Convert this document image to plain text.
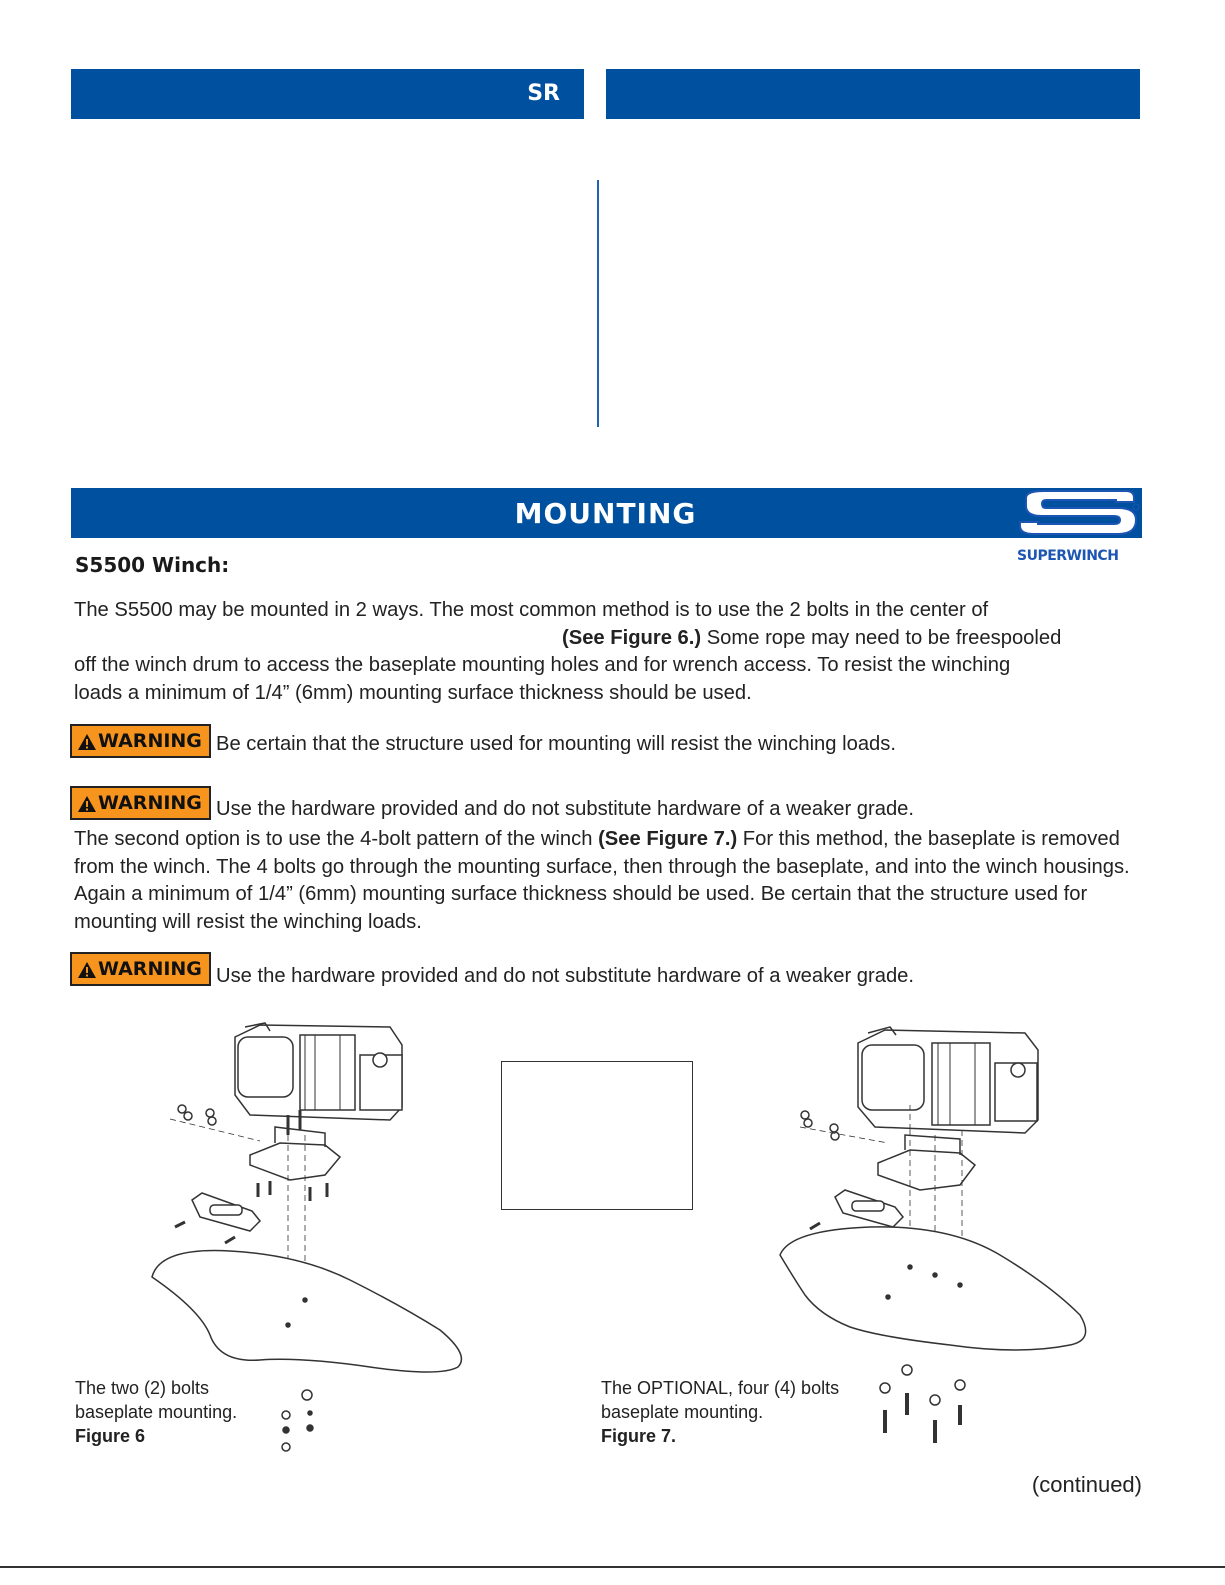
SR
MOUNTING
SUPERWINCH
S5500 Winch:
The S5500 may be mounted in 2 ways. The most common method is to use the 2 bolts in the center of
(See Figure 6.) Some rope may need to be freespooled
off the winch drum to access the baseplate mounting holes and for wrench access. To resist the winching
loads a minimum of 1/4” (6mm) mounting surface thickness should be used.
WARNING Be certain that the structure used for mounting will resist the winching loads.
WARNING Use the hardware provided and do not substitute hardware of a weaker grade.
The second option is to use the 4-bolt pattern of the winch (See Figure 7.) For this method, the baseplate is removed from the winch. The 4 bolts go through the mounting surface, then through the baseplate, and into the winch housings. Again a minimum of 1/4” (6mm) mounting surface thickness should be used. Be certain that the structure used for mounting will resist the winching loads.
WARNING Use the hardware provided and do not substitute hardware of a weaker grade.
The two (2) bolts
baseplate mounting.
Figure 6
The OPTIONAL, four (4) bolts
baseplate mounting.
Figure 7.
(continued)
